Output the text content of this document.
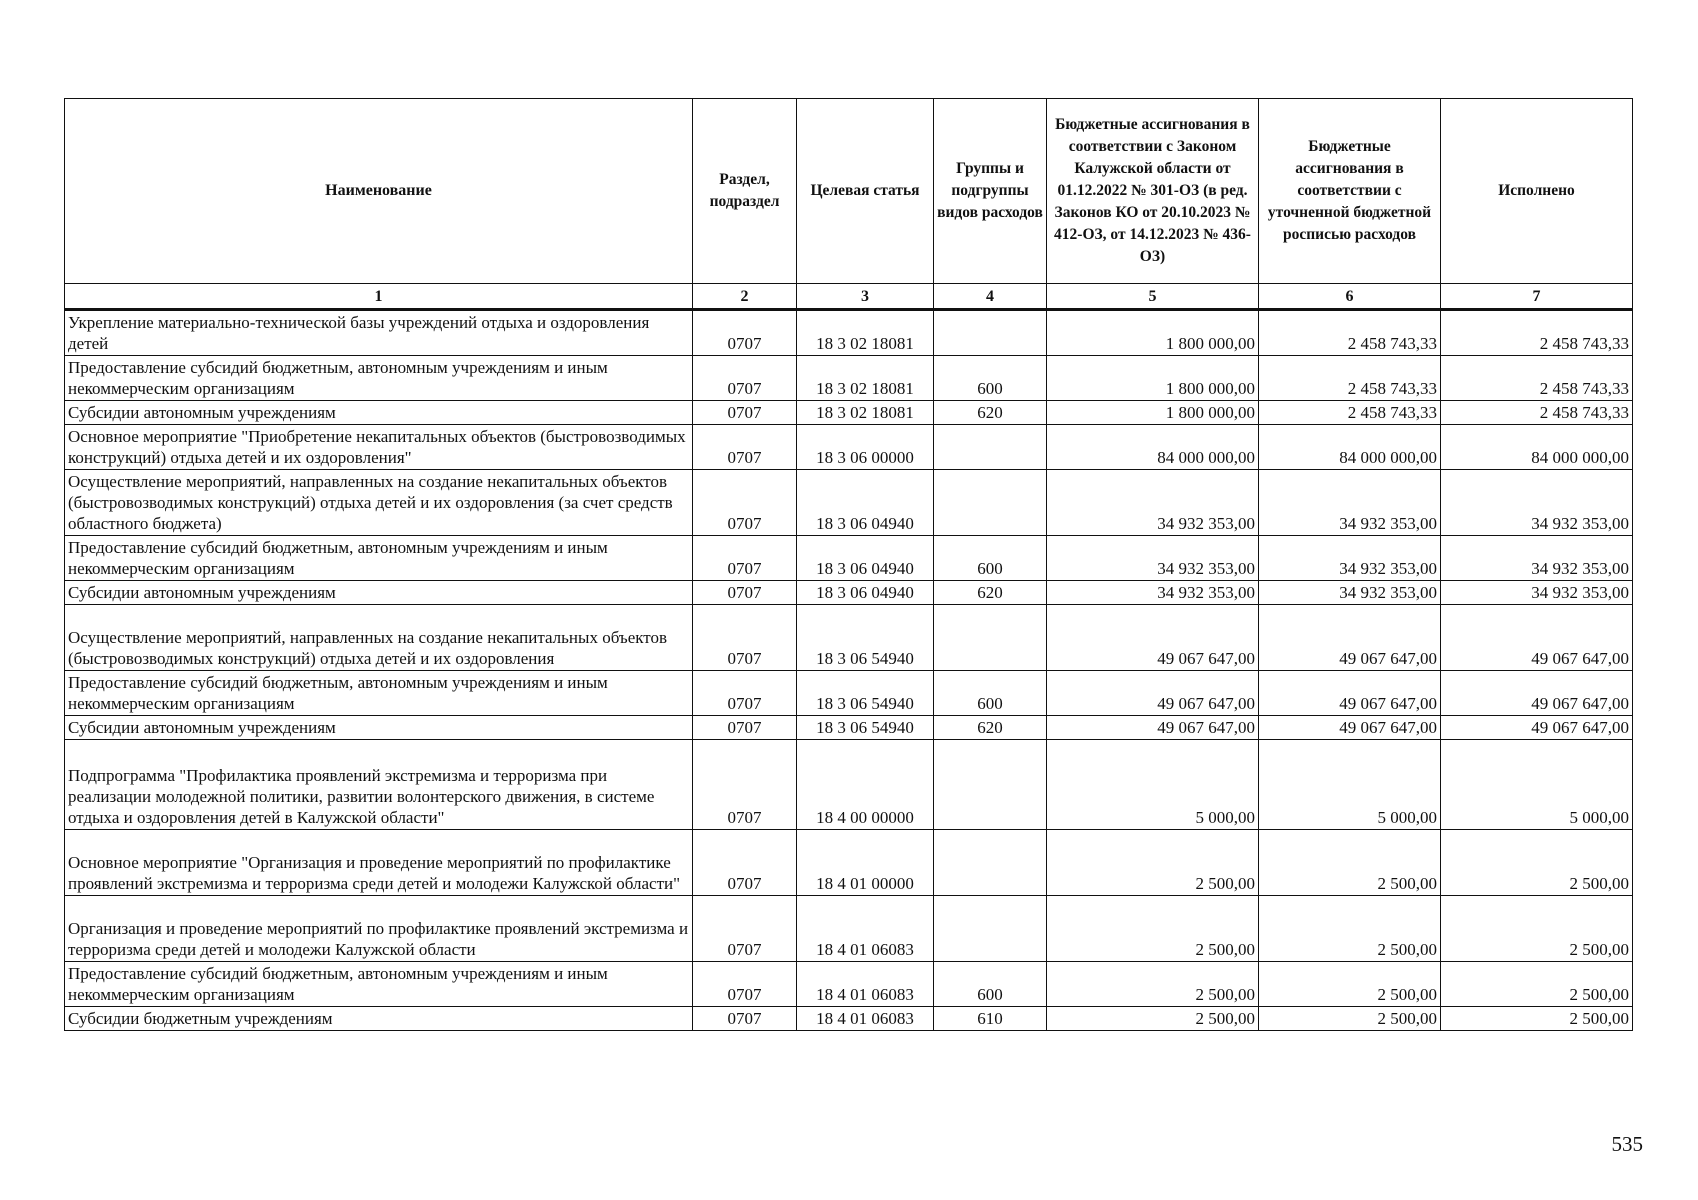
Наименование	Раздел, подраздел	Целевая статья	Группы и подгруппы видов расходов	Бюджетные ассигнования в соответствии с Законом Калужской области от 01.12.2022 № 301-ОЗ (в ред. Законов КО от 20.10.2023 № 412-ОЗ, от 14.12.2023 № 436-ОЗ)	Бюджетные ассигнования в соответствии с уточненной бюджетной росписью расходов	Исполнено
1	2	3	4	5	6	7
Укрепление материально-технической базы учреждений отдыха и оздоровления детей	0707	18 3 02 18081		1 800 000,00	2 458 743,33	2 458 743,33
Предоставление субсидий бюджетным, автономным учреждениям и иным некоммерческим организациям	0707	18 3 02 18081	600	1 800 000,00	2 458 743,33	2 458 743,33
Субсидии автономным учреждениям	0707	18 3 02 18081	620	1 800 000,00	2 458 743,33	2 458 743,33
Основное мероприятие "Приобретение некапитальных объектов (быстровозводимых конструкций) отдыха детей и их оздоровления"	0707	18 3 06 00000		84 000 000,00	84 000 000,00	84 000 000,00
Осуществление мероприятий, направленных на создание некапитальных объектов (быстровозводимых конструкций) отдыха детей и их оздоровления (за счет средств областного бюджета)	0707	18 3 06 04940		34 932 353,00	34 932 353,00	34 932 353,00
Предоставление субсидий бюджетным, автономным учреждениям и иным некоммерческим организациям	0707	18 3 06 04940	600	34 932 353,00	34 932 353,00	34 932 353,00
Субсидии автономным учреждениям	0707	18 3 06 04940	620	34 932 353,00	34 932 353,00	34 932 353,00
Осуществление мероприятий, направленных на создание некапитальных объектов (быстровозводимых конструкций) отдыха детей и их оздоровления	0707	18 3 06 54940		49 067 647,00	49 067 647,00	49 067 647,00
Предоставление субсидий бюджетным, автономным учреждениям и иным некоммерческим организациям	0707	18 3 06 54940	600	49 067 647,00	49 067 647,00	49 067 647,00
Субсидии автономным учреждениям	0707	18 3 06 54940	620	49 067 647,00	49 067 647,00	49 067 647,00
Подпрограмма "Профилактика проявлений экстремизма и терроризма при реализации молодежной политики, развитии волонтерского движения, в системе отдыха и оздоровления детей в Калужской области"	0707	18 4 00 00000		5 000,00	5 000,00	5 000,00
Основное мероприятие "Организация и проведение мероприятий по профилактике проявлений экстремизма и терроризма среди детей и молодежи Калужской области"	0707	18 4 01 00000		2 500,00	2 500,00	2 500,00
Организация и проведение мероприятий по профилактике проявлений экстремизма и терроризма среди детей и молодежи Калужской области	0707	18 4 01 06083		2 500,00	2 500,00	2 500,00
Предоставление субсидий бюджетным, автономным учреждениям и иным некоммерческим организациям	0707	18 4 01 06083	600	2 500,00	2 500,00	2 500,00
Субсидии бюджетным учреждениям	0707	18 4 01 06083	610	2 500,00	2 500,00	2 500,00
535
